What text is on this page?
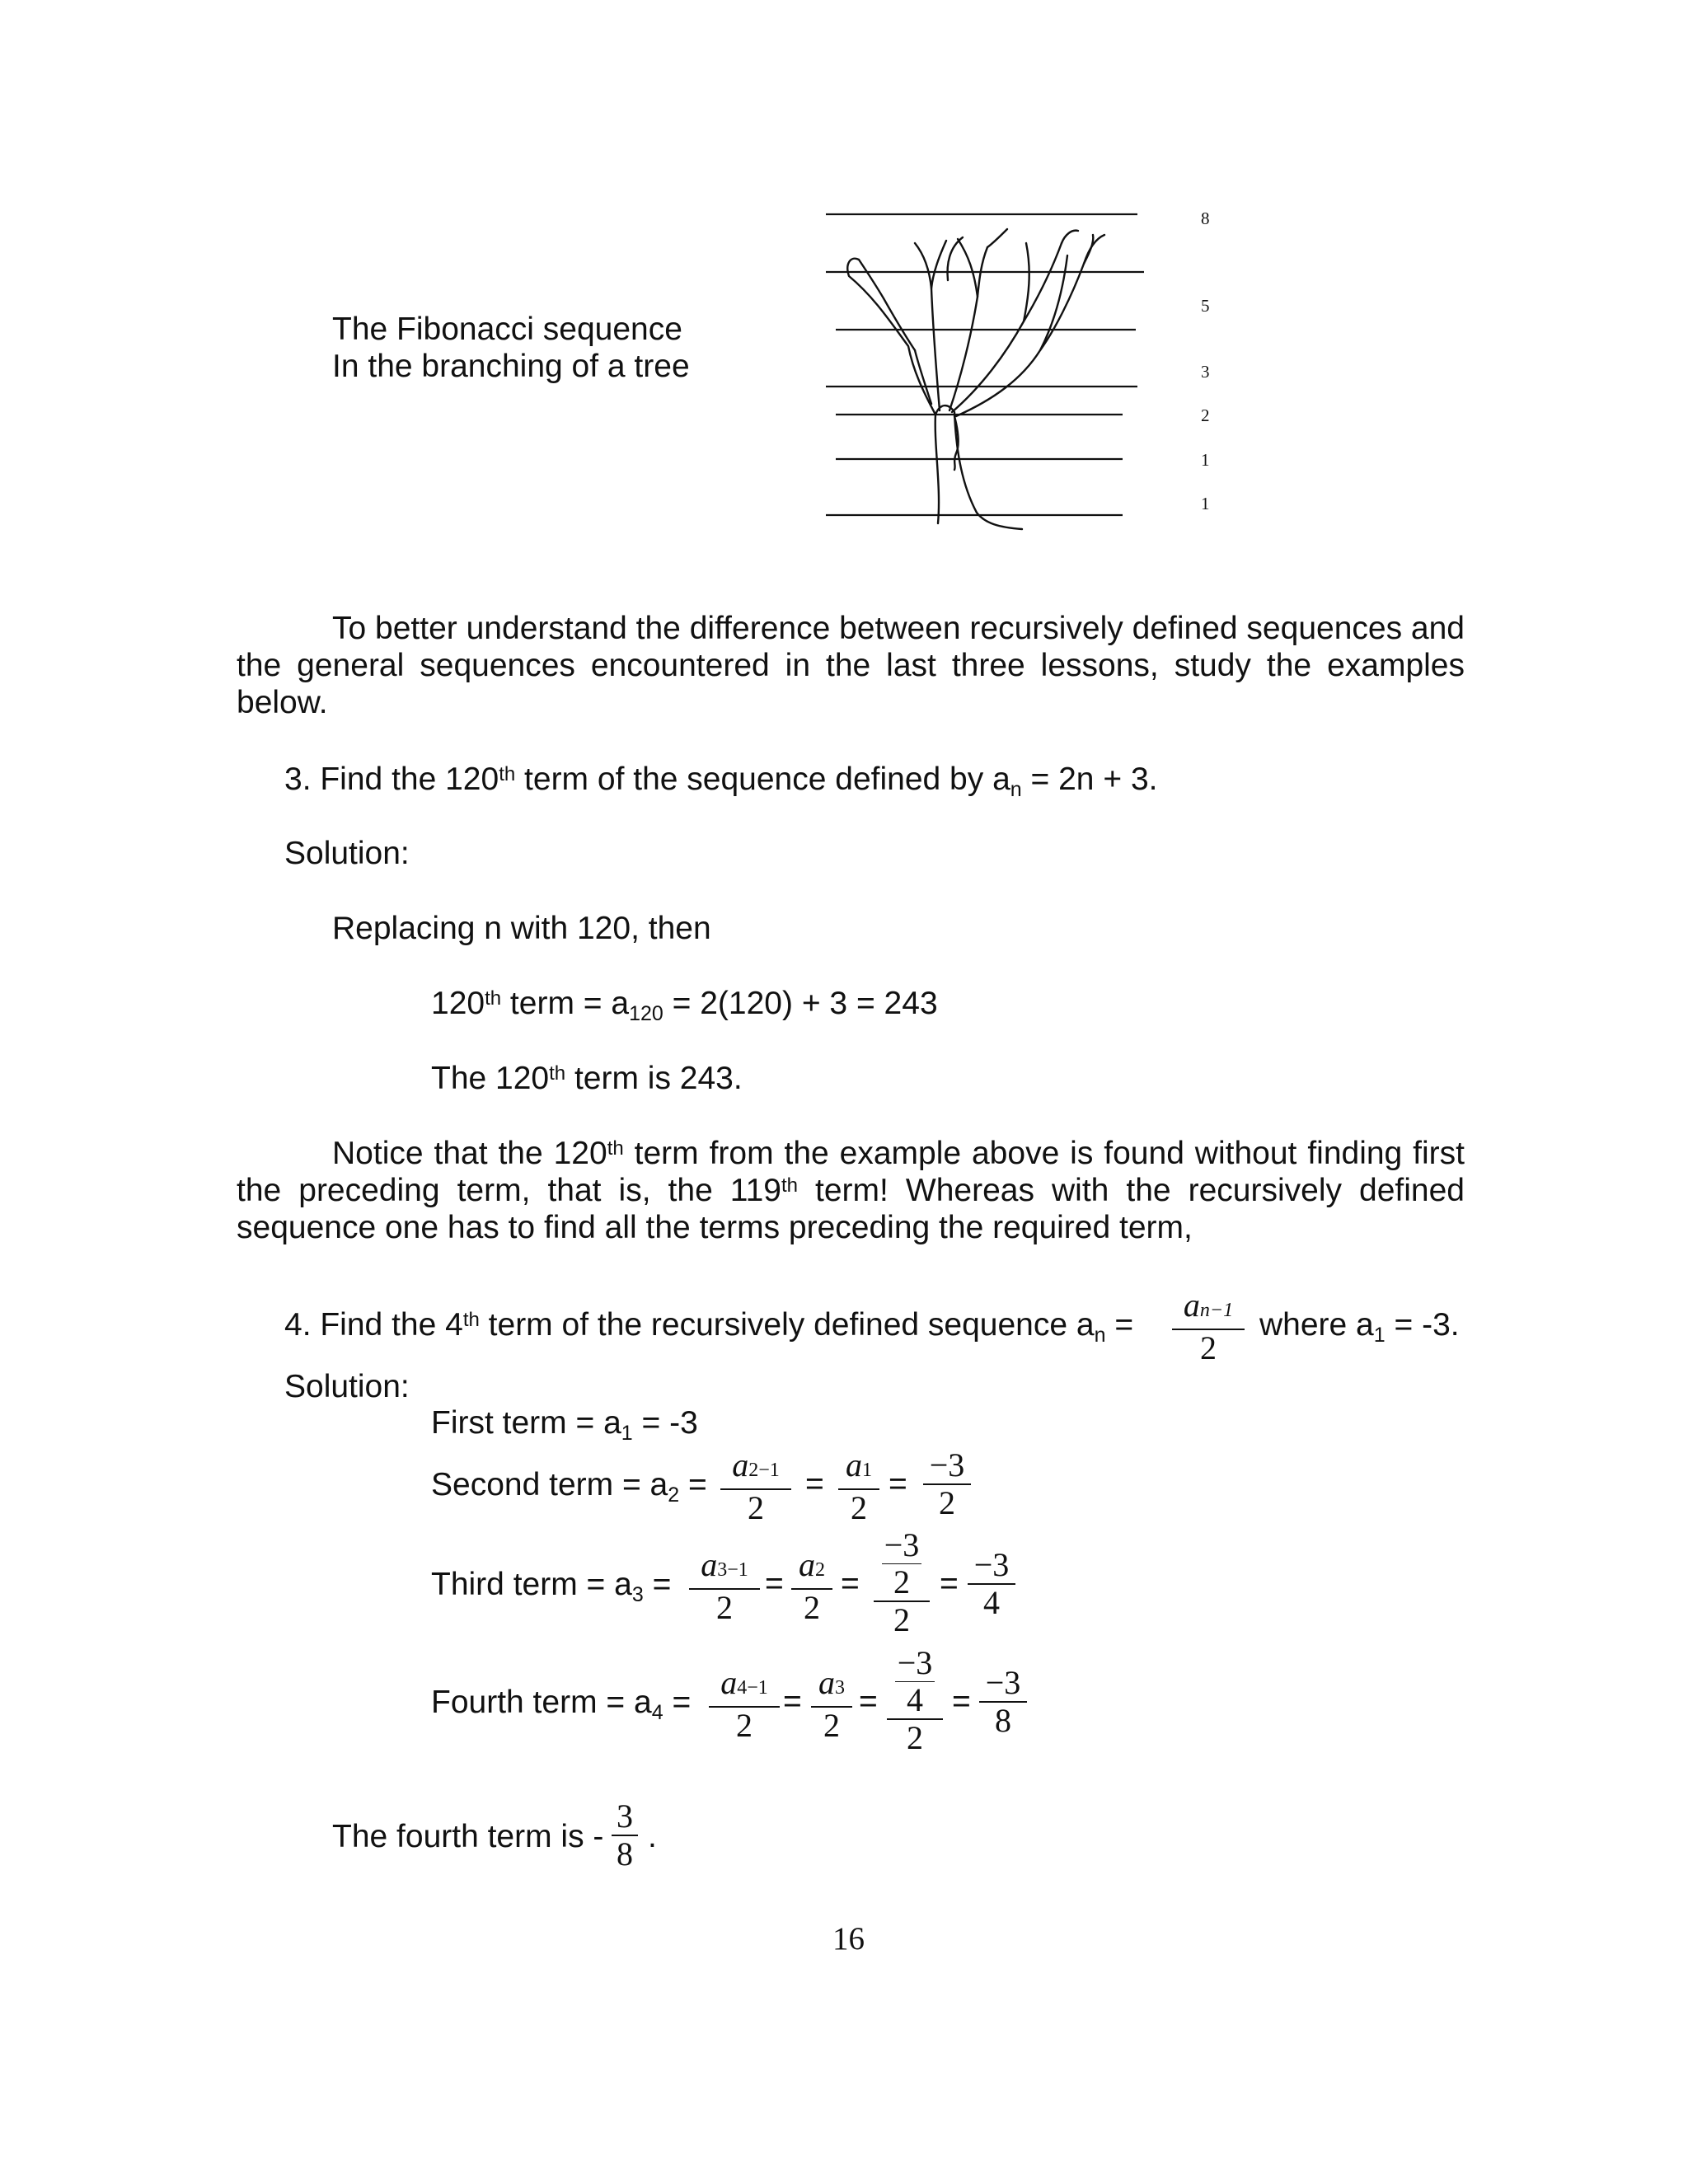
The Fibonacci sequence
In the branching of a tree
8
5
3
2
1
1
To better understand the difference between recursively defined sequences and the general sequences encountered in the last three lessons, study the examples below.
3. Find the 120th term of the sequence defined by $a_n = 2n + 3$.
Solution:
Replacing n with 120, then
120th term = $a_{120} = 2(120) + 3 = 243$
The 120th term is 243.
Notice that the 120th term from the example above is found without finding first the preceding term, that is, the 119th term! Whereas with the recursively defined sequence one has to find all the terms preceding the required term,
4. Find the 4th term of the recursively defined sequence $a_n$ =
an−1
2
where $a_1 = -3$.
Solution:
First term = $a_1 = -3$
Second term = $a_2$ =
a2−1
2
=
a1
2
=
−3
2
Third term = $a_3$ =
a3−1
2
=
a2
2
=
−3
2
2
=
−3
4
Fourth term = $a_4$ =
a4−1
2
=
a3
2
=
−3
4
2
=
−3
8
The fourth term is -
3
8 .
16
